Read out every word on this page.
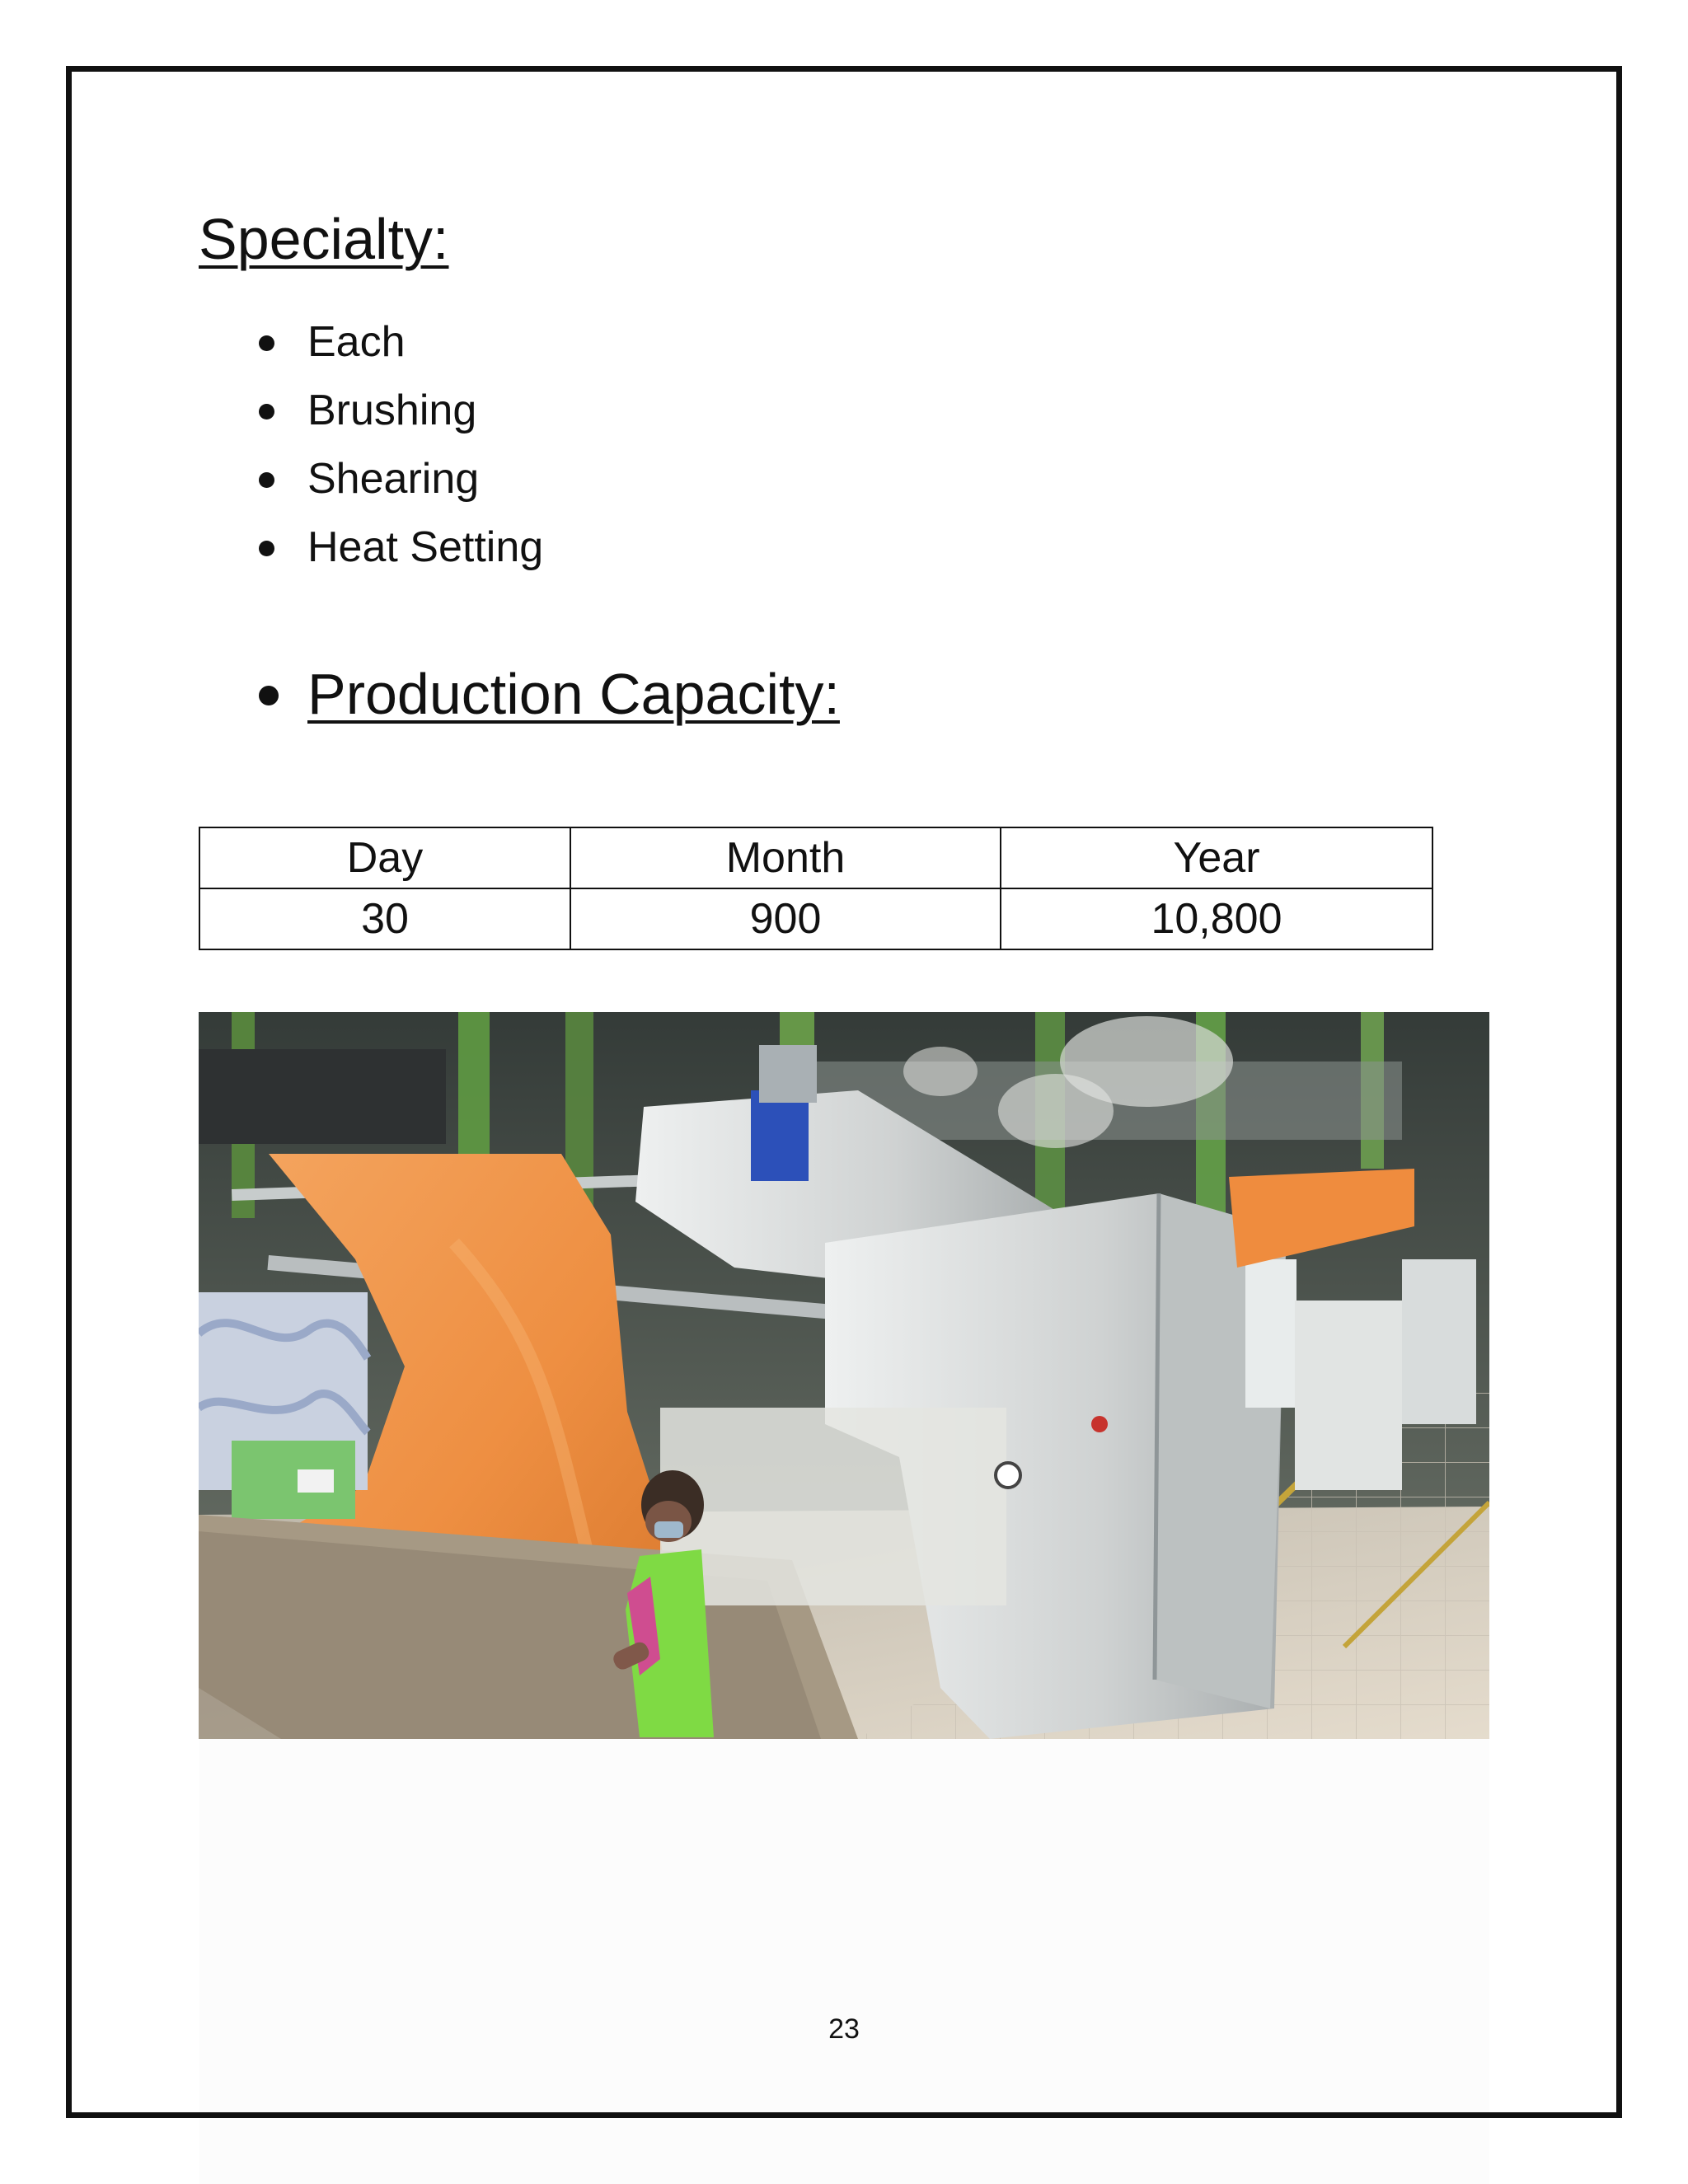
Specialty:
Each
Brushing
Shearing
Heat Setting
Production Capacity:
Day	Month	Year
30	900	10,800
23
